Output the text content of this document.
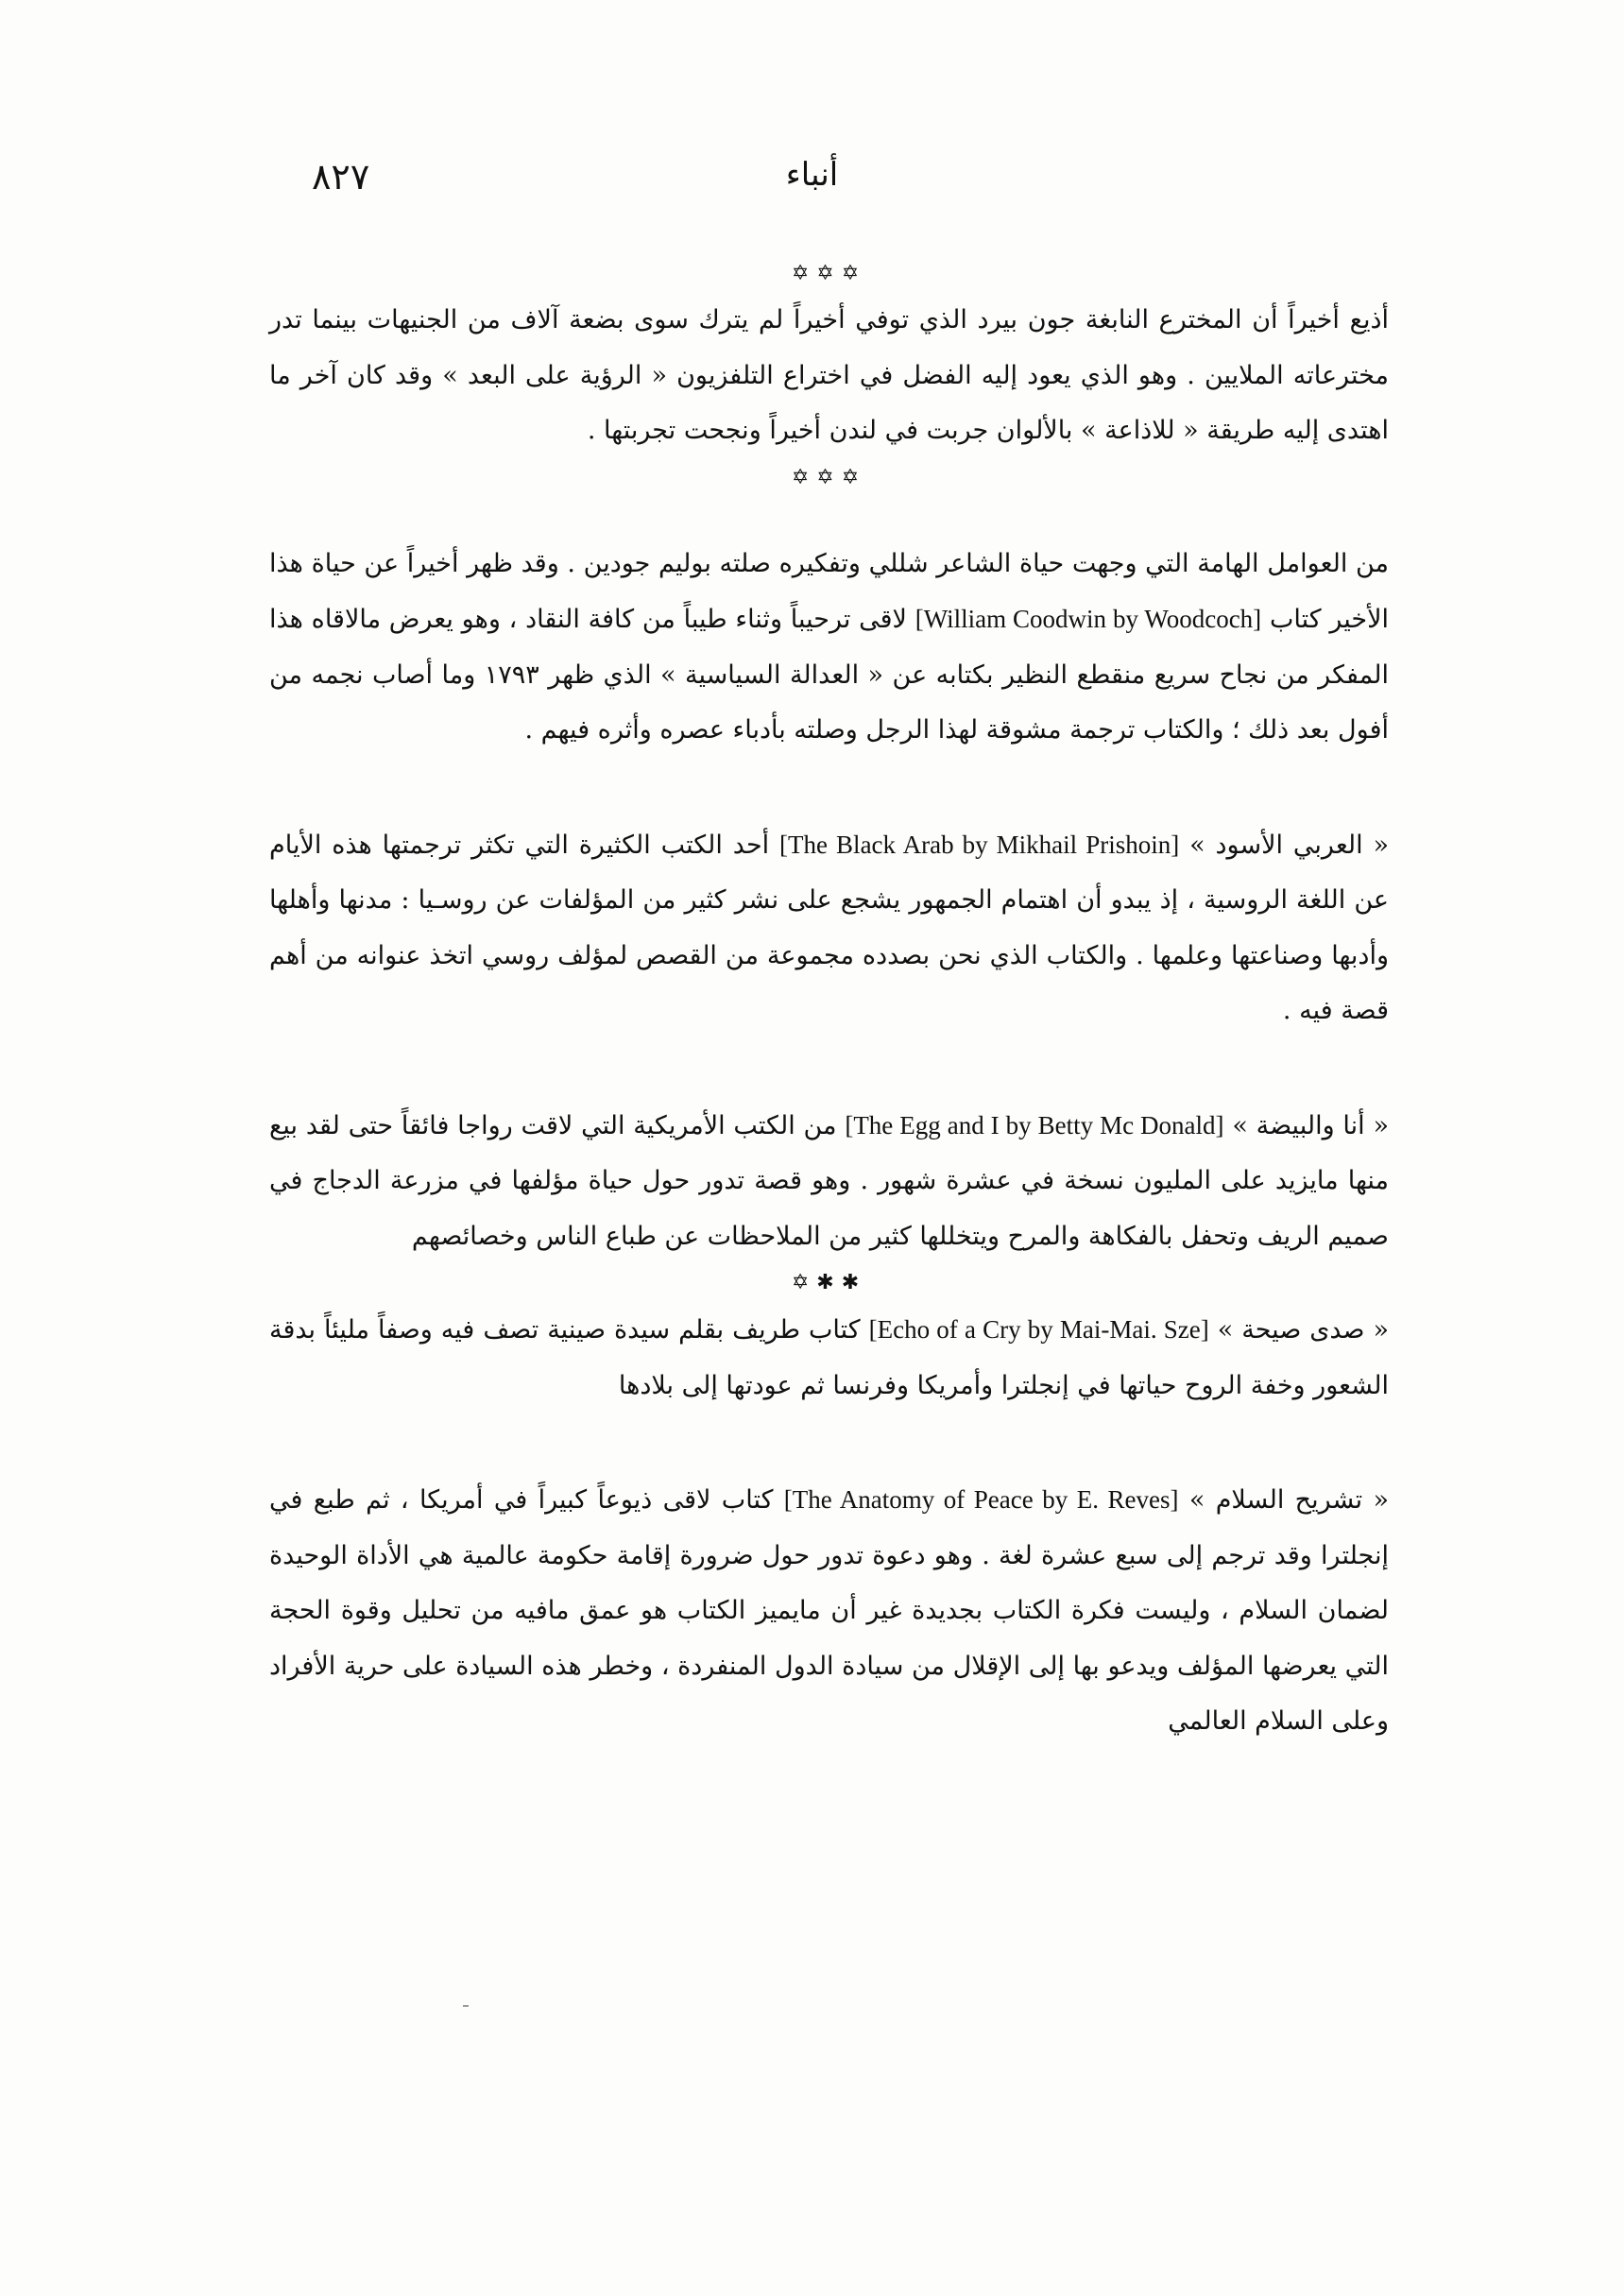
٨٢٧	أنباء
✡✡✡

أذيع أخيراً أن المخترع النابغة جون بيرد الذي توفي أخيراً لم يترك سوى بضعة آلاف من الجنيهات بينما تدر مخترعاته الملايين . وهو الذي يعود إليه الفضل في اختراع التلفزيون « الرؤية على البعد » وقد كان آخر ما اهتدى إليه طريقة « للاذاعة » بالألوان جربت في لندن أخيراً ونجحت تجربتها .

✡✡✡

من العوامل الهامة التي وجهت حياة الشاعر شللي وتفكيره صلته بوليم جودين . وقد ظهر أخيراً عن حياة هذا الأخير كتاب [William Coodwin by Woodcoch] لاقى ترحيباً وثناء طيباً من كافة النقاد ، وهو يعرض مالاقاه هذا المفكر من نجاح سريع منقطع النظير بكتابه عن « العدالة السياسية » الذي ظهر ١٧٩٣ وما أصاب نجمه من أفول بعد ذلك ؛ والكتاب ترجمة مشوقة لهذا الرجل وصلته بأدباء عصره وأثره فيهم .

« العربي الأسود » [The Black Arab by Mikhail Prishoin] أحد الكتب الكثيرة التي تكثر ترجمتها هذه الأيام عن اللغة الروسية ، إذ يبدو أن اهتمام الجمهور يشجع على نشر كثير من المؤلفات عن روسـيا : مدنها وأهلها وأدبها وصناعتها وعلمها . والكتاب الذي نحن بصدده مجموعة من القصص لمؤلف روسي اتخذ عنوانه من أهم قصة فيه .

« أنا والبيضة » [The Egg and I by Betty Mc Donald] من الكتب الأمريكية التي لاقت رواجا فائقاً حتى لقد بيع منها مايزيد على المليون نسخة في عشرة شهور . وهو قصة تدور حول حياة مؤلفها في مزرعة الدجاج في صميم الريف وتحفل بالفكاهة والمرح ويتخللها كثير من الملاحظات عن طباع الناس وخصائصهم

✡✱✱

« صدى صيحة » [Echo of a Cry by Mai-Mai. Sze] كتاب طريف بقلم سيدة صينية تصف فيه وصفاً مليئاً بدقة الشعور وخفة الروح حياتها في إنجلترا وأمريكا وفرنسا ثم عودتها إلى بلادها

« تشريح السلام » [The Anatomy of Peace by E. Reves] كتاب لاقى ذيوعاً كبيراً في أمريكا ، ثم طبع في إنجلترا وقد ترجم إلى سبع عشرة لغة . وهو دعوة تدور حول ضرورة إقامة حكومة عالمية هي الأداة الوحيدة لضمان السلام ، وليست فكرة الكتاب بجديدة غير أن مايميز الكتاب هو عمق مافيه من تحليل وقوة الحجة التي يعرضها المؤلف ويدعو بها إلى الإقلال من سيادة الدول المنفردة ، وخطر هذه السيادة على حرية الأفراد وعلى السلام العالمي
